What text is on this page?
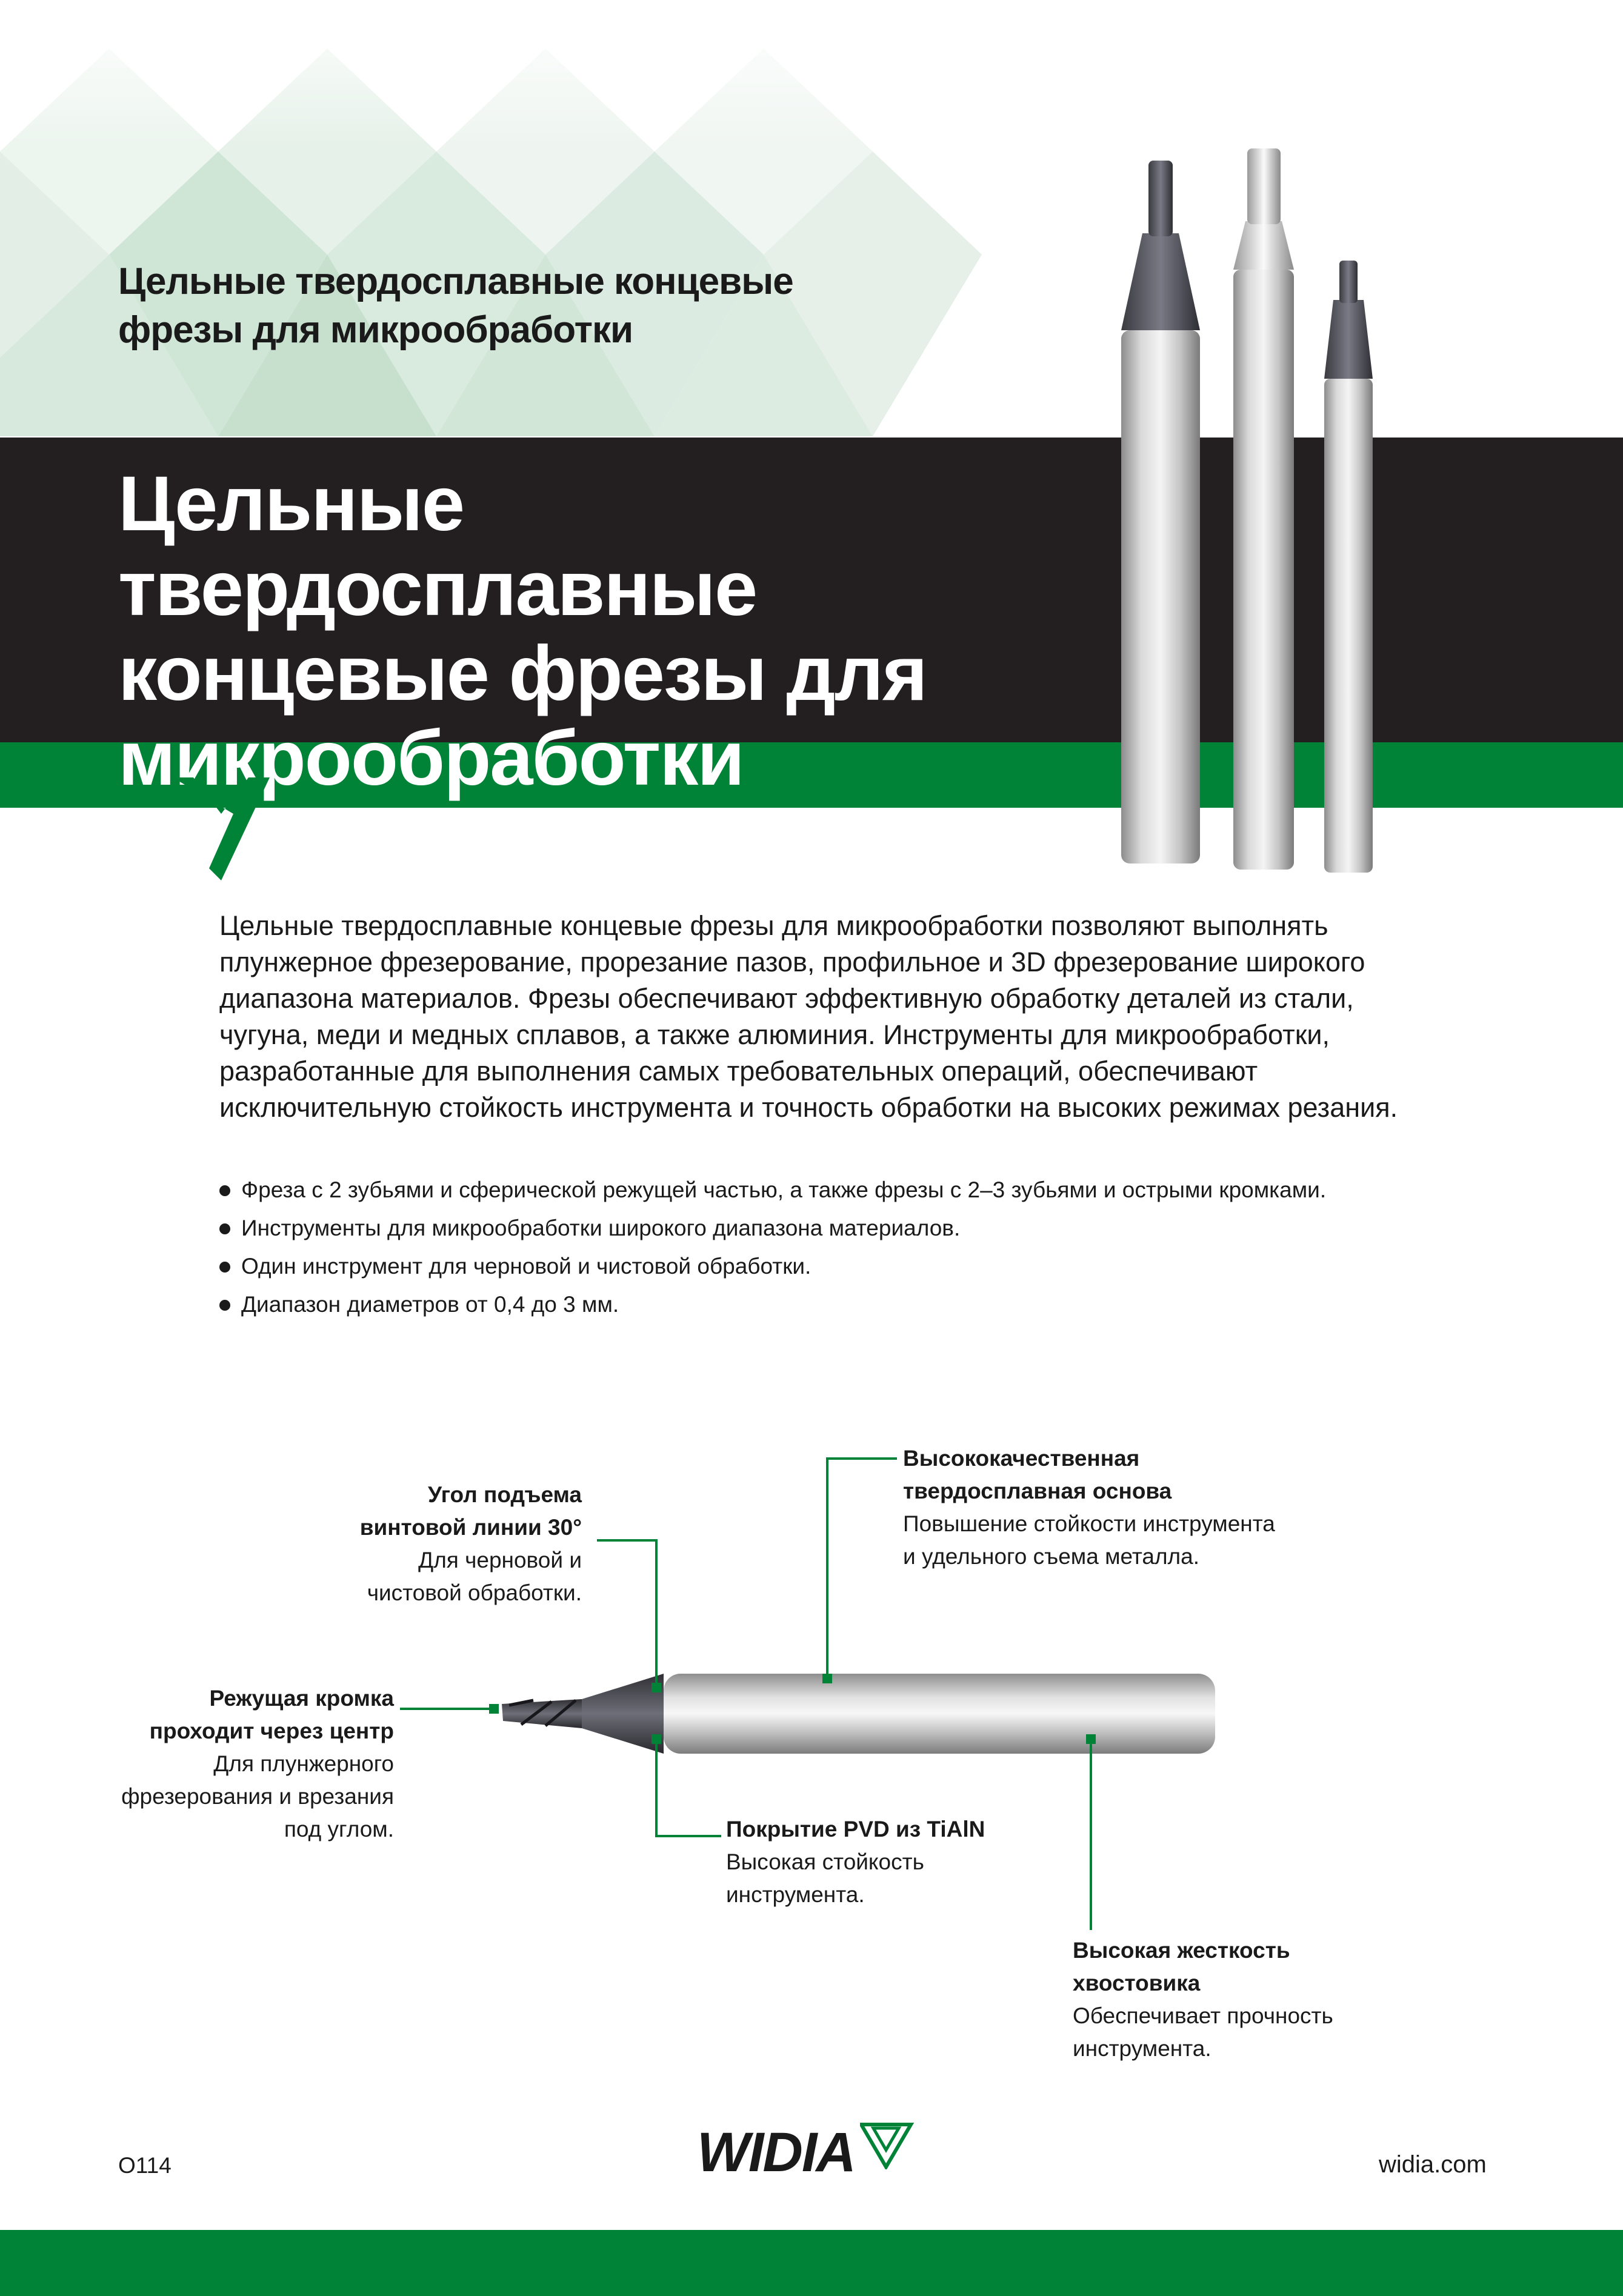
Цельные твердосплавные концевые
фрезы для микрообработки
Цельные твердосплавные
концевые фрезы для
микрообработки
Цельные твердосплавные концевые фрезы для микрообработки позволяют выполнять
плунжерное фрезерование, прорезание пазов, профильное и 3D фрезерование широкого
диапазона материалов. Фрезы обеспечивают эффективную обработку деталей из стали,
чугуна, меди и медных сплавов, а также алюминия. Инструменты для микрообработки,
разработанные для выполнения самых требовательных операций, обеспечивают
исключительную стойкость инструмента и точность обработки на высоких режимах резания.
Фреза с 2 зубьями и сферической режущей частью, а также фрезы с 2–3 зубьями и острыми кромками.
Инструменты для микрообработки широкого диапазона материалов.
Один инструмент для черновой и чистовой обработки.
Диапазон диаметров от 0,4 до 3 мм.
Угол подъема
винтовой линии 30°
Для черновой и
чистовой обработки.
Высококачественная
твердосплавная основа
Повышение стойкости инструмента
и удельного съема металла.
Режущая кромка
проходит через центр
Для плунжерного
фрезерования и врезания
под углом.	Покрытие PVD из TiAlN
Высокая стойкость
инструмента.
Высокая жесткость
хвостовика
Обеспечивает прочность
инструмента.
O114	WIDIA	widia.com
